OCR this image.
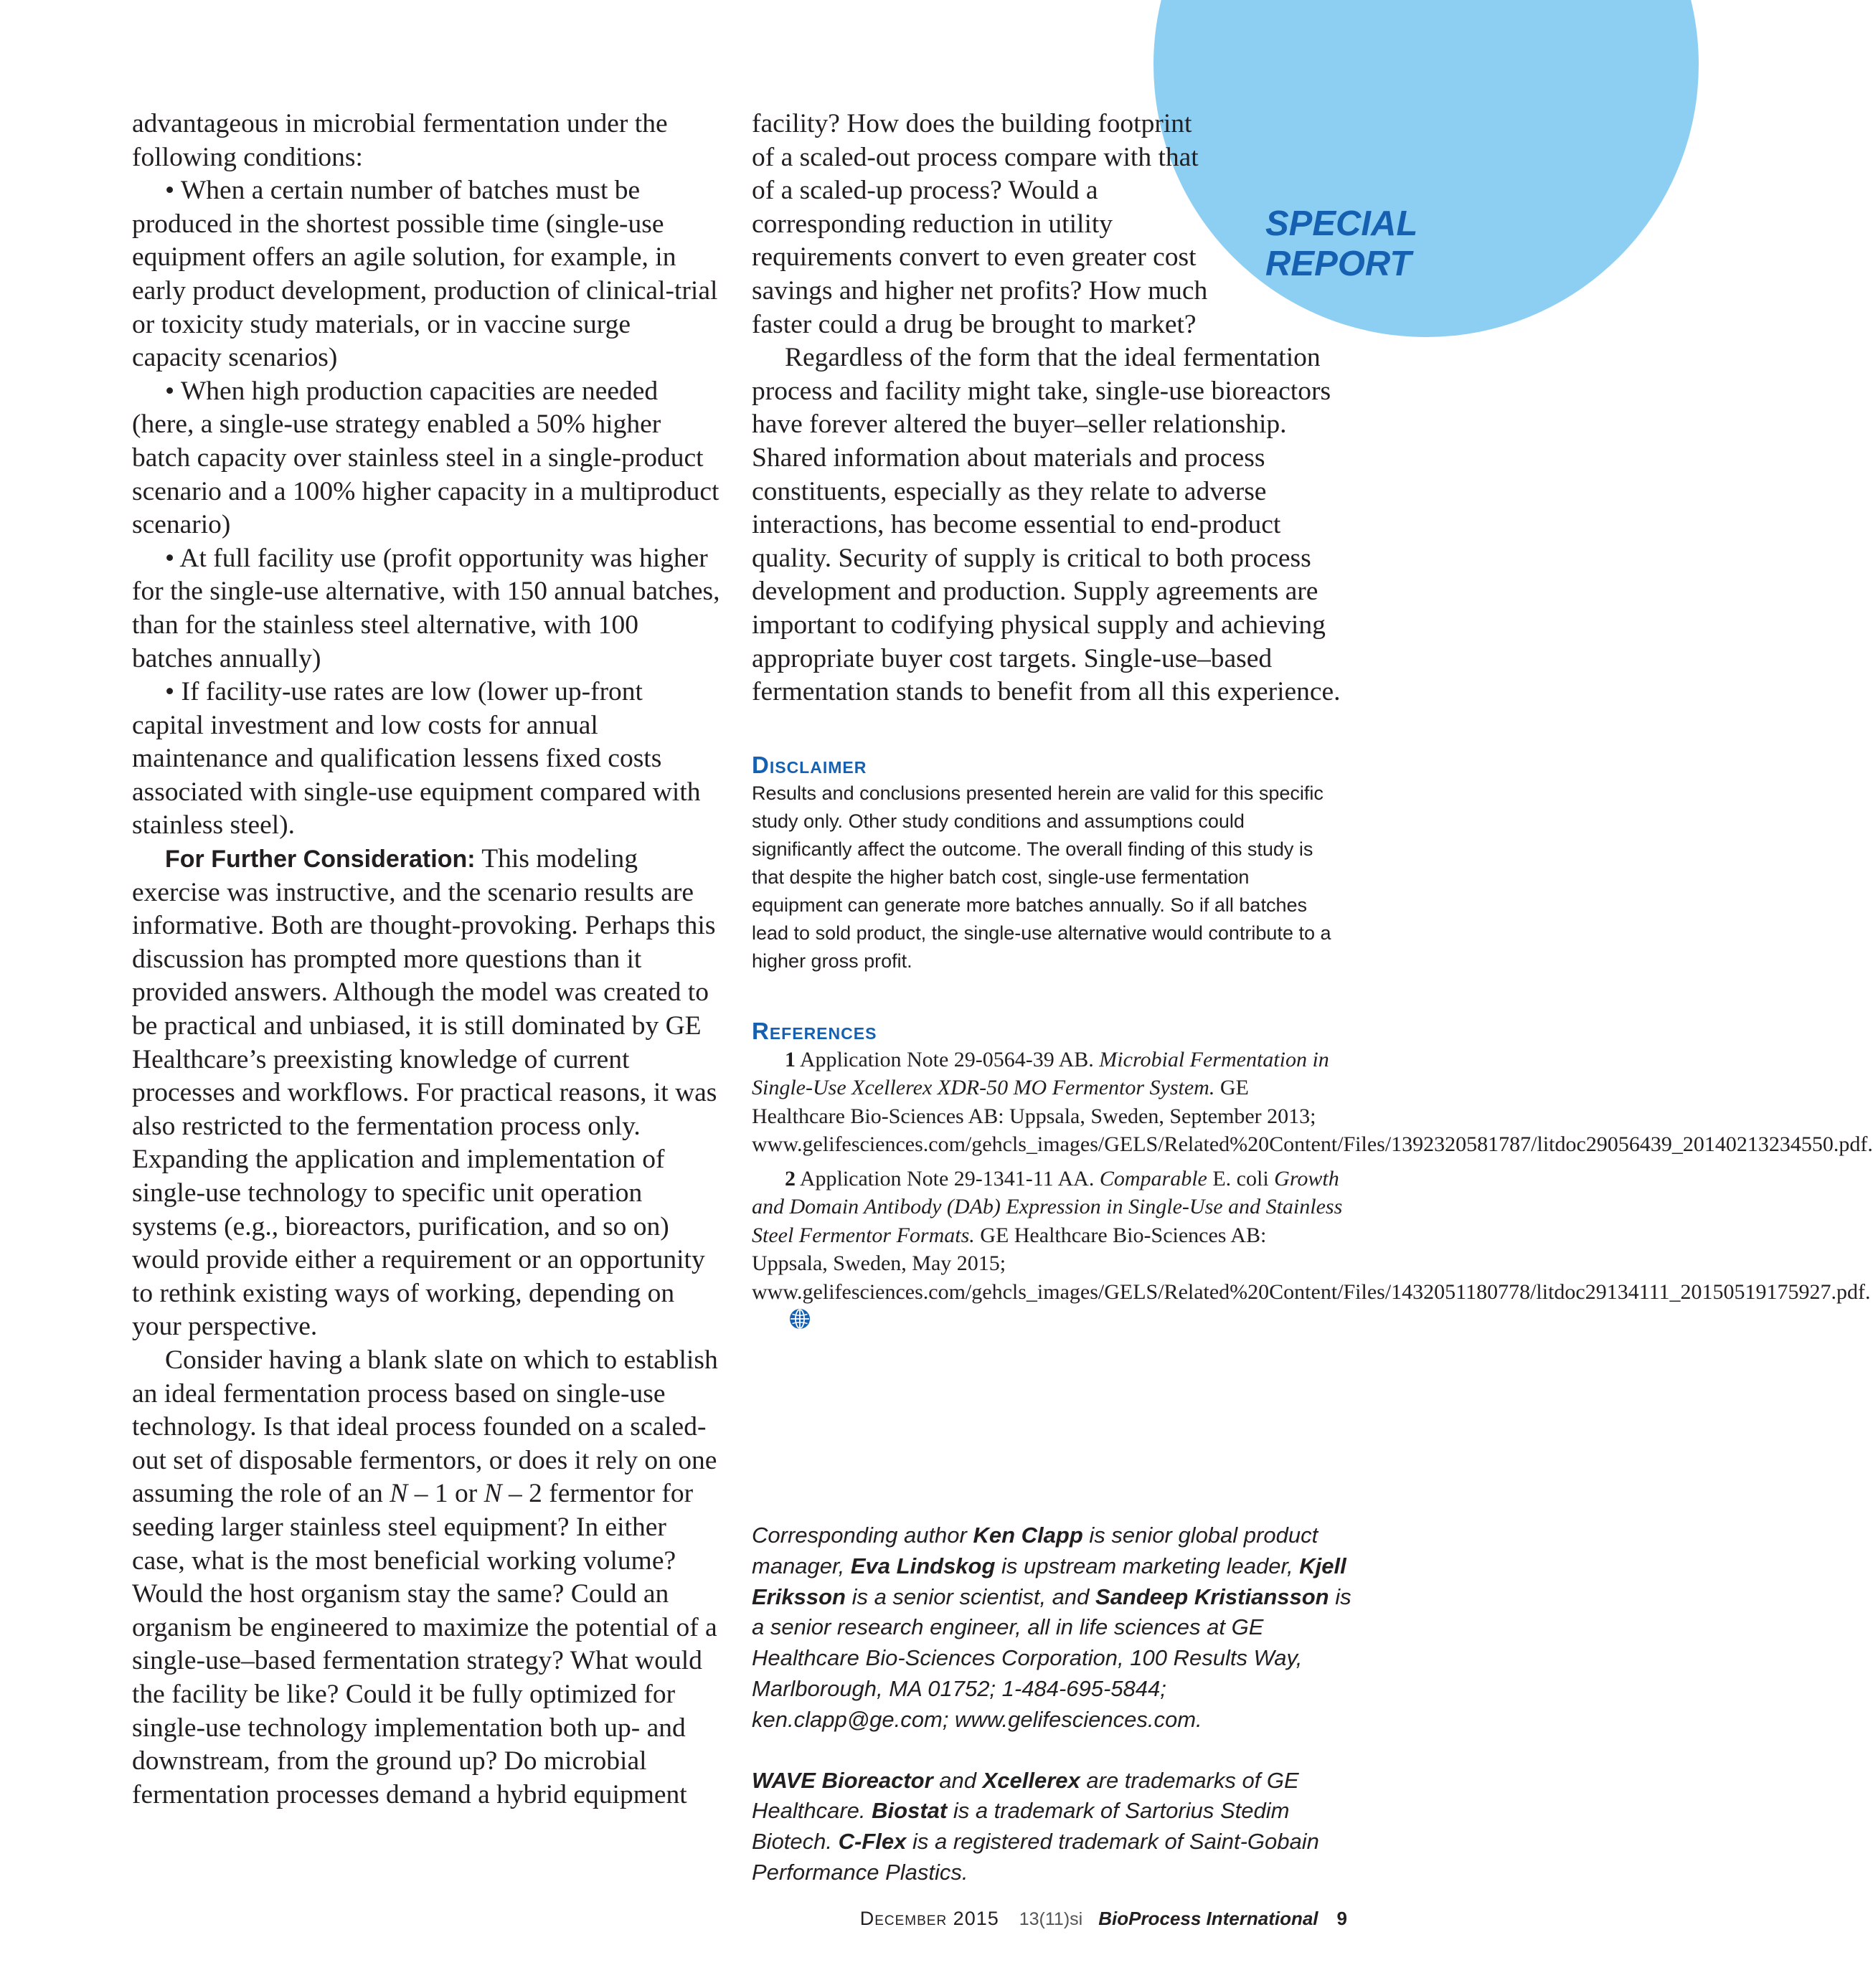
SPECIAL
REPORT

advantageous in microbial fermentation under the following conditions:

• When a certain number of batches must be produced in the shortest possible time (single-use equipment offers an agile solution, for example, in early product development, production of clinical-trial or toxicity study materials, or in vaccine surge capacity scenarios)

• When high production capacities are needed (here, a single-use strategy enabled a 50% higher batch capacity over stainless steel in a single-product scenario and a 100% higher capacity in a multiproduct scenario)

• At full facility use (profit opportunity was higher for the single-use alternative, with 150 annual batches, than for the stainless steel alternative, with 100 batches annually)

• If facility-use rates are low (lower up-front capital investment and low costs for annual maintenance and qualification lessens fixed costs associated with single-use equipment compared with stainless steel).

For Further Consideration: This modeling exercise was instructive, and the scenario results are informative. Both are thought-provoking. Perhaps this discussion has prompted more questions than it provided answers. Although the model was created to be practical and unbiased, it is still dominated by GE Healthcare’s preexisting knowledge of current processes and workflows. For practical reasons, it was also restricted to the fermentation process only. Expanding the application and implementation of single-use technology to specific unit operation systems (e.g., bioreactors, purification, and so on) would provide either a requirement or an opportunity to rethink existing ways of working, depending on your perspective.

Consider having a blank slate on which to establish an ideal fermentation process based on single-use technology. Is that ideal process founded on a scaled-out set of disposable fermentors, or does it rely on one assuming the role of an N – 1 or N – 2 fermentor for seeding larger stainless steel equipment? In either case, what is the most beneficial working volume? Would the host organism stay the same? Could an organism be engineered to maximize the potential of a single-use–based fermentation strategy? What would the facility be like? Could it be fully optimized for single-use technology implementation both up- and downstream, from the ground up? Do microbial fermentation processes demand a hybrid equipment

facility? How does the building footprint of a scaled-out process compare with that of a scaled-up process? Would a corresponding reduction in utility requirements convert to even greater cost savings and higher net profits? How much faster could a drug be brought to market?

Regardless of the form that the ideal fermentation process and facility might take, single-use bioreactors have forever altered the buyer–seller relationship. Shared information about materials and process constituents, especially as they relate to adverse interactions, has become essential to end-product quality. Security of supply is critical to both process development and production. Supply agreements are important to codifying physical supply and achieving appropriate buyer cost targets. Single-use–based fermentation stands to benefit from all this experience.

Disclaimer

Results and conclusions presented herein are valid for this specific study only. Other study conditions and assumptions could significantly affect the outcome. The overall finding of this study is that despite the higher batch cost, single-use fermentation equipment can generate more batches annually. So if all batches lead to sold product, the single-use alternative would contribute to a higher gross profit.

References

1 Application Note 29-0564-39 AB. Microbial Fermentation in Single-Use Xcellerex XDR-50 MO Fermentor System. GE Healthcare Bio-Sciences AB: Uppsala, Sweden, September 2013; www.gelifesciences.com/gehcls_images/GELS/Related%20Content/Files/1392320581787/litdoc29056439_20140213234550.pdf.

2 Application Note 29-1341-11 AA. Comparable E. coli Growth and Domain Antibody (DAb) Expression in Single-Use and Stainless Steel Fermentor Formats. GE Healthcare Bio-Sciences AB: Uppsala, Sweden, May 2015; www.gelifesciences.com/gehcls_images/GELS/Related%20Content/Files/1432051180778/litdoc29134111_20150519175927.pdf.

Corresponding author Ken Clapp is senior global product manager, Eva Lindskog is upstream marketing leader, Kjell Eriksson is a senior scientist, and Sandeep Kristiansson is a senior research engineer, all in life sciences at GE Healthcare Bio-Sciences Corporation, 100 Results Way, Marlborough, MA 01752; 1-484-695-5844; ken.clapp@ge.com; www.gelifesciences.com.

WAVE Bioreactor and Xcellerex are trademarks of GE Healthcare. Biostat is a trademark of Sartorius Stedim Biotech. C-Flex is a registered trademark of Saint-Gobain Performance Plastics.

December 2015 13(11)si BioProcess International 9
